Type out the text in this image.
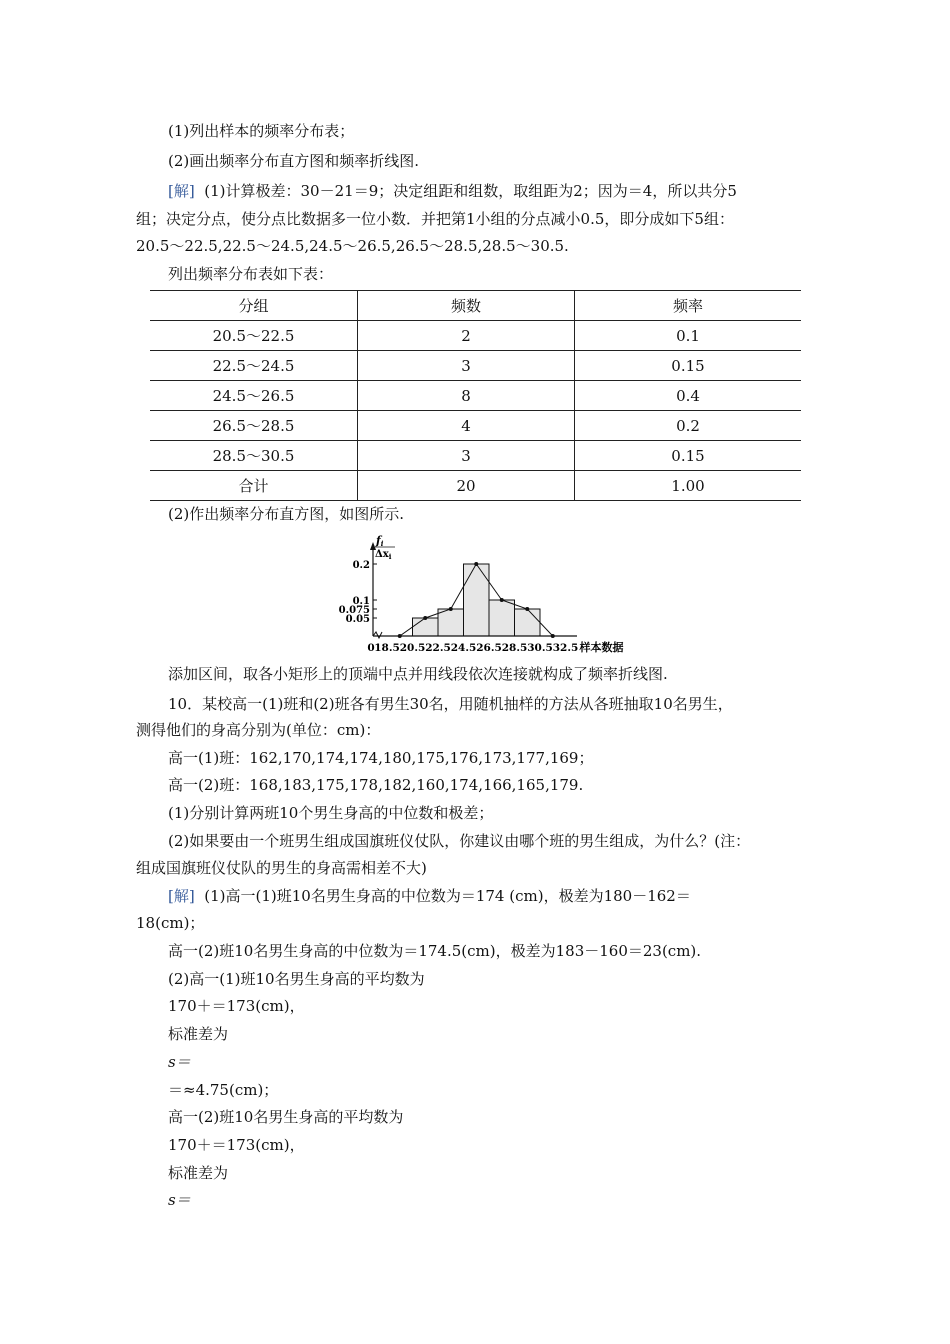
(1)列出样本的频率分布表；
(2)画出频率分布直方图和频率折线图.
[解] (1)计算极差：30－21＝9；决定组距和组数，取组距为2；因为＝4，所以共分5
组；决定分点，使分点比数据多一位小数．并把第1小组的分点减小0.5，即分成如下5组：
20.5～22.5,22.5～24.5,24.5～26.5,26.5～28.5,28.5～30.5.
列出频率分布表如下表：
分组	频数	频率
20.5～22.5	2	0.1
22.5～24.5	3	0.15
24.5～26.5	8	0.4
26.5～28.5	4	0.2
28.5～30.5	3	0.15
合计	20	1.00
(2)作出频率分布直方图，如图所示.
fi
$\Delta x_i$
0.2
0.1
0.075
0.05
0 18.5 20.5 22.5 24.5 26.5 28.5 30.5 32.5 样本数据
添加区间，取各小矩形上的顶端中点并用线段依次连接就构成了频率折线图.
10．某校高一(1)班和(2)班各有男生30名，用随机抽样的方法从各班抽取10名男生，
测得他们的身高分别为(单位：cm)：
高一(1)班：162,170,174,174,180,175,176,173,177,169；
高一(2)班：168,183,175,178,182,160,174,166,165,179.
(1)分别计算两班10个男生身高的中位数和极差；
(2)如果要由一个班男生组成国旗班仪仗队，你建议由哪个班的男生组成，为什么？(注：
组成国旗班仪仗队的男生的身高需相差不大)
[解] (1)高一(1)班10名男生身高的中位数为＝174 (cm)，极差为180－162＝
18(cm)；
高一(2)班10名男生身高的中位数为＝174.5(cm)，极差为183－160＝23(cm).
(2)高一(1)班10名男生身高的平均数为
170＋＝173(cm)，
标准差为
s＝
＝≈4.75(cm)；
高一(2)班10名男生身高的平均数为
170＋＝173(cm)，
标准差为
s＝
